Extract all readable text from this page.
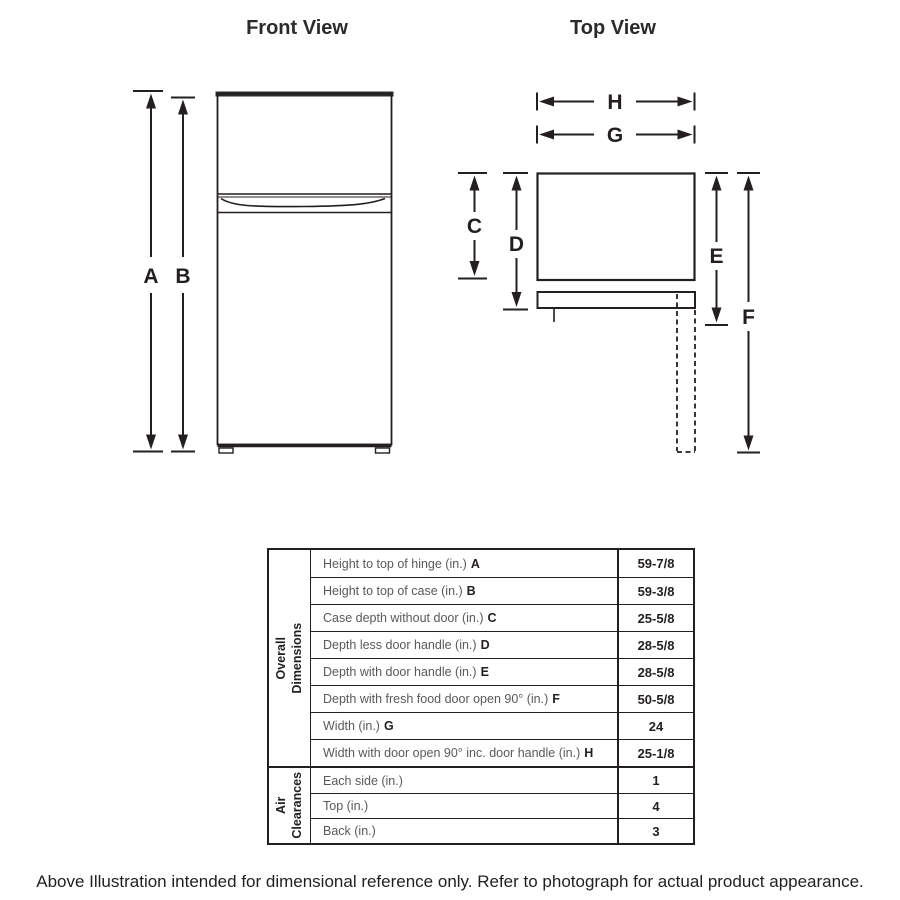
A B
H
G
C
D
E
F
Front View	Top View
Overall Dimensions
Height to top of hinge (in.) A	59-7/8
Height to top of case (in.) B	59-3/8
Case depth without door (in.) C	25-5/8
Depth less door handle (in.) D	28-5/8
Depth with door handle (in.) E	28-5/8
Depth with fresh food door open 90° (in.) F	50-5/8
Width (in.) G	24
Width with door open 90° inc. door handle (in.) H	25-1/8
Air Clearances	Each side (in.)	1
Top (in.)	4
Back (in.)	3
Above Illustration intended for dimensional reference only. Refer to photograph for actual product appearance.
